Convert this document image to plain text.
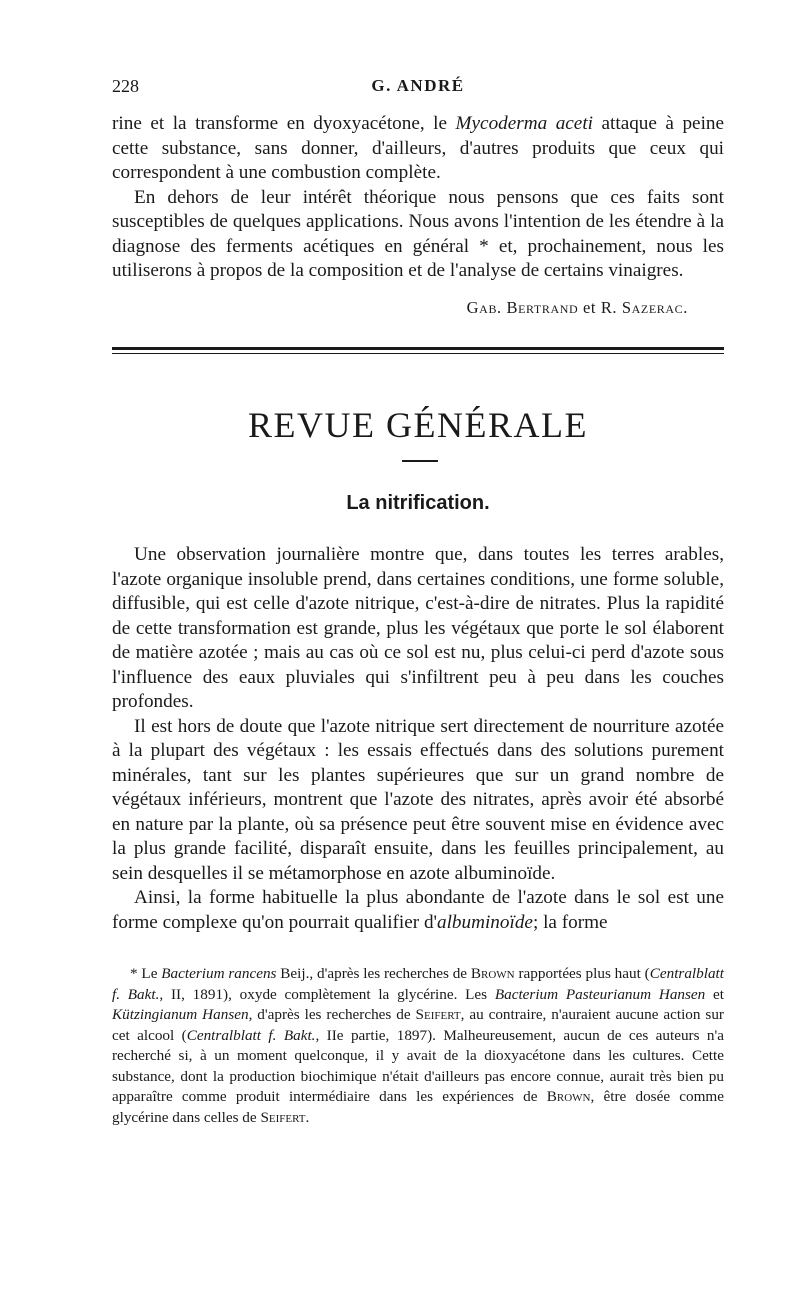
228	G. ANDRÉ

rine et la transforme en dyoxyacétone, le Mycoderma aceti attaque à peine cette substance, sans donner, d'ailleurs, d'autres produits que ceux qui correspondent à une combustion complète.

En dehors de leur intérêt théorique nous pensons que ces faits sont susceptibles de quelques applications. Nous avons l'intention de les étendre à la diagnose des ferments acétiques en général * et, prochainement, nous les utiliserons à propos de la composition et de l'analyse de certains vinaigres.

Gab. Bertrand et R. Sazerac.
REVUE GÉNÉRALE
La nitrification.

Une observation journalière montre que, dans toutes les terres arables, l'azote organique insoluble prend, dans certaines conditions, une forme soluble, diffusible, qui est celle d'azote nitrique, c'est-à-dire de nitrates. Plus la rapidité de cette transformation est grande, plus les végétaux que porte le sol élaborent de matière azotée ; mais au cas où ce sol est nu, plus celui-ci perd d'azote sous l'influence des eaux pluviales qui s'infiltrent peu à peu dans les couches profondes.

Il est hors de doute que l'azote nitrique sert directement de nourriture azotée à la plupart des végétaux : les essais effectués dans des solutions purement minérales, tant sur les plantes supérieures que sur un grand nombre de végétaux inférieurs, montrent que l'azote des nitrates, après avoir été absorbé en nature par la plante, où sa présence peut être souvent mise en évidence avec la plus grande facilité, disparaît ensuite, dans les feuilles principalement, au sein desquelles il se métamorphose en azote albuminoïde.

Ainsi, la forme habituelle la plus abondante de l'azote dans le sol est une forme complexe qu'on pourrait qualifier d'albuminoïde; la forme

* Le Bacterium rancens Beij., d'après les recherches de Brown rapportées plus haut (Centralblatt f. Bakt., II, 1891), oxyde complètement la glycérine. Les Bacterium Pasteurianum Hansen et Kützingianum Hansen, d'après les recherches de Seifert, au contraire, n'auraient aucune action sur cet alcool (Centralblatt f. Bakt., IIe partie, 1897). Malheureusement, aucun de ces auteurs n'a recherché si, à un moment quelconque, il y avait de la dioxyacétone dans les cultures. Cette substance, dont la production biochimique n'était d'ailleurs pas encore connue, aurait très bien pu apparaître comme produit intermédiaire dans les expériences de Brown, être dosée comme glycérine dans celles de Seifert.
